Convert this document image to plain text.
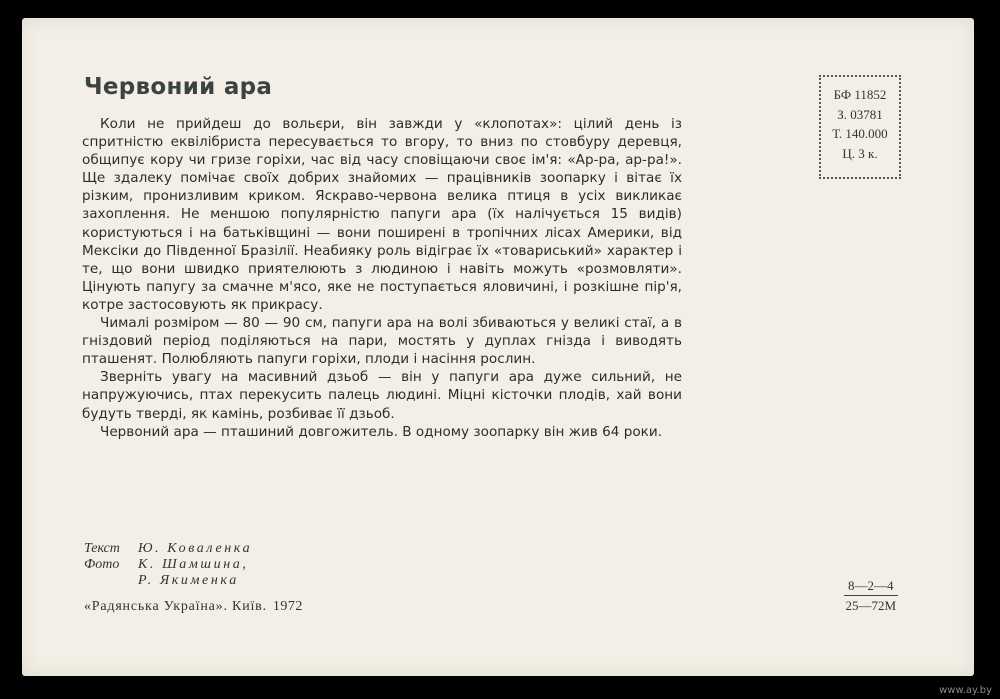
Червоний ара

Коли не прийдеш до вольєри, він завжди у «клопотах»: цілий день із спритністю еквілібриста пересувається то вгору, то вниз по стовбуру деревця, общипує кору чи гризе горіхи, час від часу сповіщаючи своє ім'я: «Ар-ра, ар-ра!». Ще здалеку помічає своїх добрих знайомих — працівників зоопарку і вітає їх різким, пронизливим криком. Яскраво-червона велика птиця в усіх викликає захоплення. Не меншою популярністю папуги ара (їх налічується 15 видів) користуються і на батьківщині — вони поширені в тропічних лісах Америки, від Мексіки до Південної Бразілії. Неабияку роль відіграє їх «товариський» характер і те, що вони швидко приятелюють з людиною і навіть можуть «розмовляти». Цінують папугу за смачне м'ясо, яке не поступається яловичині, і розкішне пір'я, котре застосовують як прикрасу.

Чималі розміром — 80 — 90 см, папуги ара на волі збиваються у великі стаї, а в гніздовий період поділяються на пари, мостять у дуплах гнізда і виводять пташенят. Полюбляють папуги горіхи, плоди і насіння рослин.

Зверніть увагу на масивний дзьоб — він у папуги ара дуже сильний, не напружуючись, птах перекусить палець людині. Міцні кісточки плодів, хай вони будуть тверді, як камінь, розбиває її дзьоб.

Червоний ара — пташиний довгожитель. В одному зоопарку він жив 64 роки.

БФ 11852
З. 03781
Т. 140.000
Ц. 3 к.
Текст Ю. Коваленка
Фото К. Шамшина,
Р. Якименка
«Радянська Україна». Київ. 1972
8—2—4
25—72М
www.ay.by
